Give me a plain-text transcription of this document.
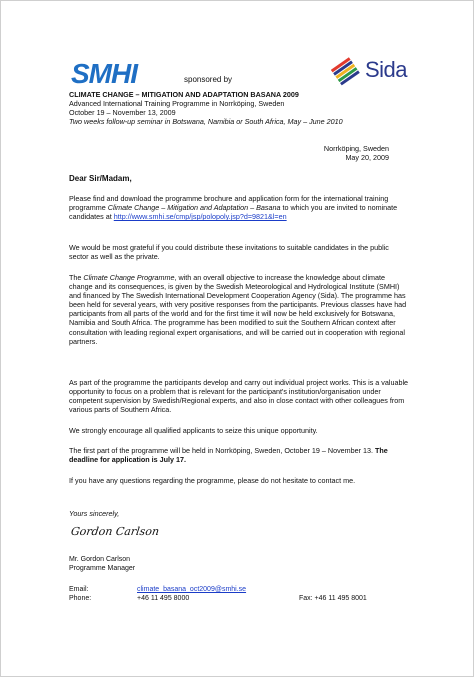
SMHI	sponsored by	Sida
CLIMATE CHANGE – MITIGATION AND ADAPTATION BASANA 2009
Advanced International Training Programme in Norrköping, Sweden
October 19 – November 13, 2009
Two weeks follow-up seminar in Botswana, Namibia or South Africa, May – June 2010
Norrköping, Sweden
May 20, 2009
Dear Sir/Madam,
Please find and download the programme brochure and application form for the international training programme Climate Change – Mitigation and Adaptation – Basana to which you are invited to nominate candidates at http://www.smhi.se/cmp/jsp/polopoly.jsp?d=9821&l=en
We would be most grateful if you could distribute these invitations to suitable candidates in the public sector as well as the private.
The Climate Change Programme, with an overall objective to increase the knowledge about climate change and its consequences, is given by the Swedish Meteorological and Hydrological Institute (SMHI) and financed by The Swedish International Development Cooperation Agency (Sida). The programme has been held for several years, with very positive responses from the participants. Previous classes have had participants from all parts of the world and for the first time it will now be held exclusively for Botswana, Namibia and South Africa. The programme has been modified to suit the Southern African context after consultation with leading regional expert organisations, and will be carried out in cooperation with regional partners.
As part of the programme the participants develop and carry out individual project works. This is a valuable opportunity to focus on a problem that is relevant for the participant's institution/organisation under competent supervision by Swedish/Regional experts, and also in close contact with other colleagues from various parts of Southern Africa.
We strongly encourage all qualified applicants to seize this unique opportunity.
The first part of the programme will be held in Norrköping, Sweden, October 19 – November 13. The deadline for application is July 17.
If you have any questions regarding the programme, please do not hesitate to contact me.
Yours sincerely,
Gordon Carlson
Mr. Gordon Carlson
Programme Manager
Email:	climate_basana_oct2009@smhi.se
Phone:	+46 11 495 8000	Fax: +46 11 495 8001
